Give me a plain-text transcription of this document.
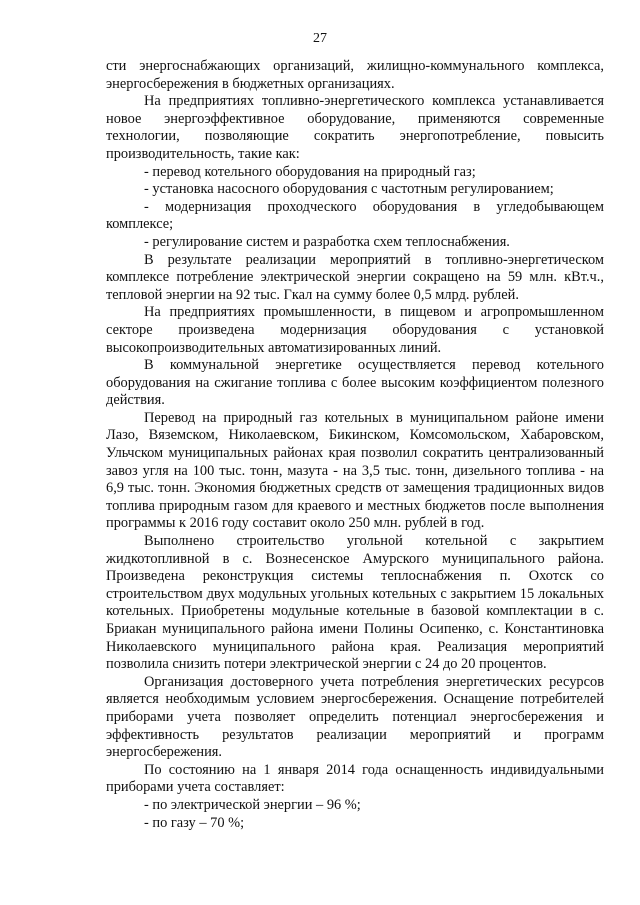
27

сти энергоснабжающих организаций, жилищно-коммунального комплекса, энергосбережения в бюджетных организациях.

На предприятиях топливно-энергетического комплекса устанавливается новое энергоэффективное оборудование, применяются современные технологии, позволяющие сократить энергопотребление, повысить производительность, такие как:

- перевод котельного оборудования на природный газ;

- установка насосного оборудования с частотным регулированием;

- модернизация проходческого оборудования в угледобывающем комплексе;

- регулирование систем и разработка схем теплоснабжения.

В результате реализации мероприятий в топливно-энергетическом комплексе потребление электрической энергии сокращено на 59 млн. кВт.ч., тепловой энергии на 92 тыс. Гкал на сумму более 0,5 млрд. рублей.

На предприятиях промышленности, в пищевом и агропромышленном секторе произведена модернизация оборудования с установкой высокопроизводительных автоматизированных линий.

В коммунальной энергетике осуществляется перевод котельного оборудования на сжигание топлива с более высоким коэффициентом полезного действия.

Перевод на природный газ котельных в муниципальном районе имени Лазо, Вяземском, Николаевском, Бикинском, Комсомольском, Хабаровском, Ульчском муниципальных районах края позволил сократить централизованный завоз угля на 100 тыс. тонн, мазута - на 3,5 тыс. тонн, дизельного топлива - на 6,9 тыс. тонн. Экономия бюджетных средств от замещения традиционных видов топлива природным газом для краевого и местных бюджетов после выполнения программы к 2016 году составит около 250 млн. рублей в год.

Выполнено строительство угольной котельной с закрытием жидкотопливной в с. Вознесенское Амурского муниципального района. Произведена реконструкция системы теплоснабжения п. Охотск со строительством двух модульных угольных котельных с закрытием 15 локальных котельных. Приобретены модульные котельные в базовой комплектации в с. Бриакан муниципального района имени Полины Осипенко, с. Константиновка Николаевского муниципального района края. Реализация мероприятий позволила снизить потери электрической энергии с 24 до 20 процентов.

Организация достоверного учета потребления энергетических ресурсов является необходимым условием энергосбережения. Оснащение потребителей приборами учета позволяет определить потенциал энергосбережения и эффективность результатов реализации мероприятий и программ энергосбережения.

По состоянию на 1 января 2014 года оснащенность индивидуальными приборами учета составляет:

- по электрической энергии – 96 %;

- по газу – 70 %;
